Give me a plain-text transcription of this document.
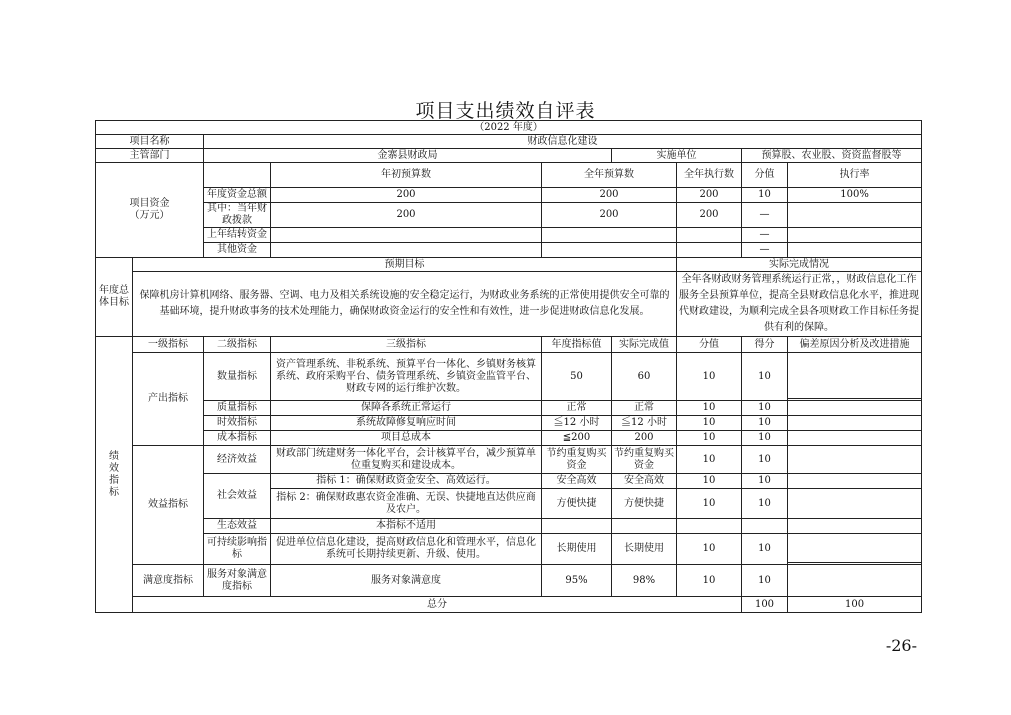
项目支出绩效自评表
（2022 年度）									
项目名称		财政信息化建设							
主管部门		金寨县财政局			实施单位		预算股、农业股、资资监督股等		

项目资金
（万元）			年初预算数	全年预算数		全年执行数	分值	执行率	
		年度资金总额	200	200		200	10	100%	
		其中：当年财政拨款	200	200		200	—		
		上年结转资金					—		
		其他资金					—		
年度总体目标	预期目标					实际完成情况			
	保障机房计算机网络、服务器、空调、电力及相关系统设施的安全稳定运行，为财政业务系统的正常使用提供安全可靠的基础环境，提升财政事务的技术处理能力，确保财政资金运行的安全性和有效性，进一步促进财政信息化发展。					全年各财政财务管理系统运行正常，，财政信息化工作服务全县预算单位，提高全县财政信息化水平，推进现代财政建设，为顺利完成全县各项财政工作目标任务提供有利的保障。			
绩效指标	一级指标	二级指标	三级指标	年度指标值	实际完成值	分值	得分	偏差原因分析及改进措施	
	产出指标	数量指标	资产管理系统、非税系统、预算平台一体化、乡镇财务核算系统、政府采购平台、债务管理系统、乡镇资金监管平台、财政专网的运行维护次数。	50	60	10	10		

		质量指标	保障各系统正常运行	正常	正常	10	10		
		时效指标	系统故障修复响应时间	≦12 小时	≦12 小时	10	10		
		成本指标	项目总成本	≦200	200	10	10		
	效益指标	经济效益	财政部门统建财务一体化平台，会计核算平台，减少预算单位重复购买和建设成本。	节约重复购买资金	节约重复购买资金	10	10		
		社会效益	指标 1：确保财政资金安全、高效运行。	安全高效	安全高效	10	10		
			指标 2：确保财政惠农资金准确、无误、快捷地直达供应商及农户。	方便快捷	方便快捷	10	10		
		生态效益	本指标不适用						
		可持续影响指标	促进单位信息化建设，提高财政信息化和管理水平，信息化系统可长期持续更新、升级、使用。	长期使用	长期使用	10	10		

	满意度指标	服务对象满意度指标	服务对象满意度	95%	98%	10	10		
	总分						100	100	
-26-
